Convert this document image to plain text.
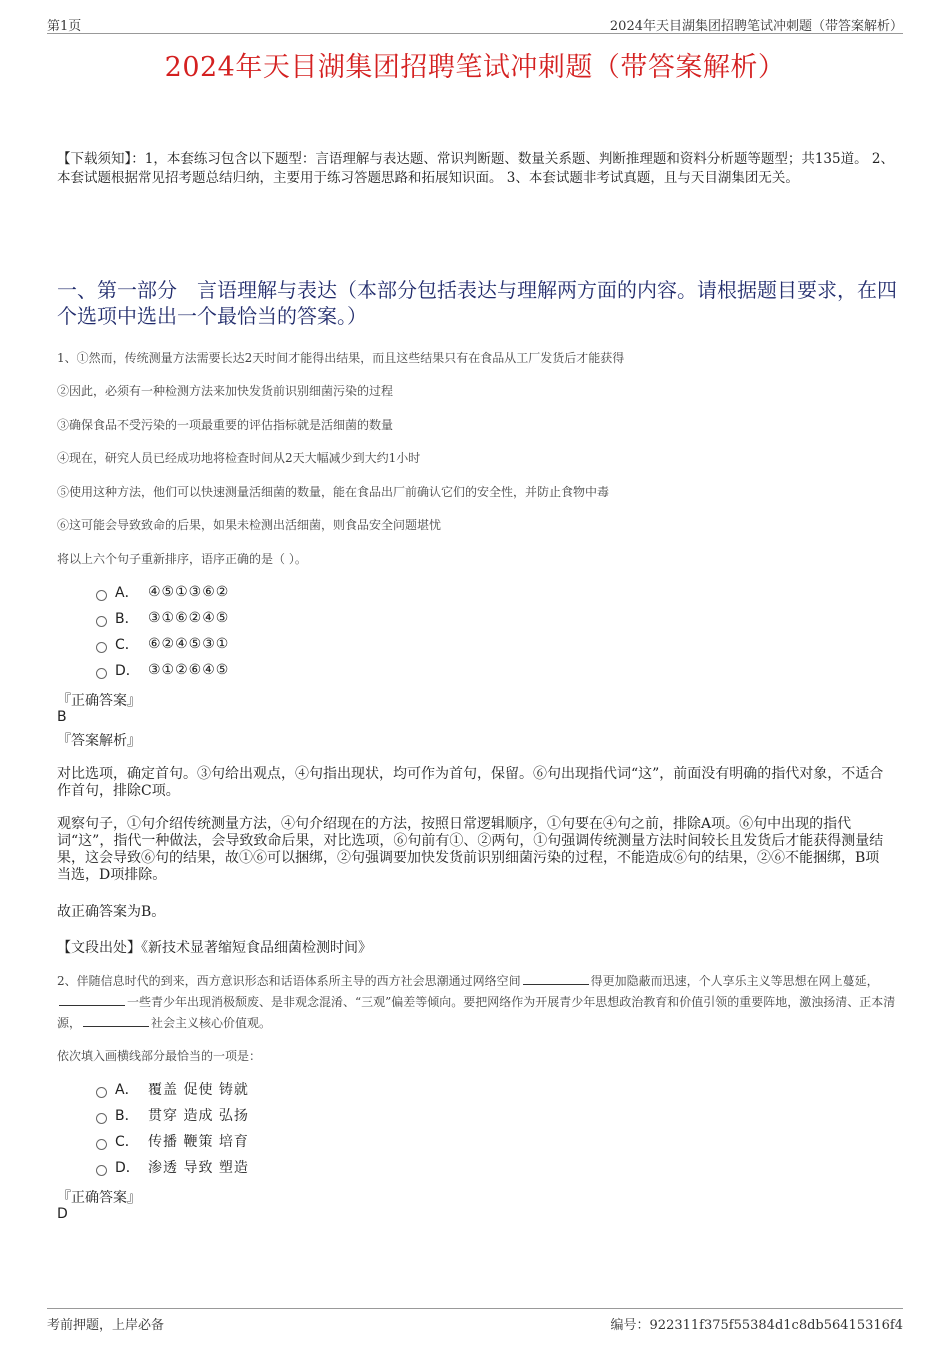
第1页	2024年天目湖集团招聘笔试冲刺题（带答案解析）
2024年天目湖集团招聘笔试冲刺题（带答案解析）
【下载须知】：1，本套练习包含以下题型：言语理解与表达题、常识判断题、数量关系题、判断推理题和资料分析题等题型；共135道。 2、本套试题根据常见招考题总结归纳，主要用于练习答题思路和拓展知识面。 3、本套试题非考试真题，且与天目湖集团无关。
一、第一部分　言语理解与表达（本部分包括表达与理解两方面的内容。请根据题目要求，在四个选项中选出一个最恰当的答案。）
1、①然而，传统测量方法需要长达2天时间才能得出结果，而且这些结果只有在食品从工厂发货后才能获得
②因此，必须有一种检测方法来加快发货前识别细菌污染的过程
③确保食品不受污染的一项最重要的评估指标就是活细菌的数量
④现在，研究人员已经成功地将检查时间从2天大幅减少到大约1小时
⑤使用这种方法，他们可以快速测量活细菌的数量，能在食品出厂前确认它们的安全性，并防止食物中毒
⑥这可能会导致致命的后果，如果未检测出活细菌，则食品安全问题堪忧
将以上六个句子重新排序，语序正确的是（ ）。
A． ④⑤①③⑥②
B． ③①⑥②④⑤
C． ⑥②④⑤③①
D． ③①②⑥④⑤
『正确答案』
B
『答案解析』
对比选项，确定首句。③句给出观点，④句指出现状，均可作为首句，保留。⑥句出现指代词“这”，前面没有明确的指代对象，不适合作首句，排除C项。
观察句子，①句介绍传统测量方法，④句介绍现在的方法，按照日常逻辑顺序，①句要在④句之前，排除A项。⑥句中出现的指代词“这”，指代一种做法，会导致致命后果，对比选项，⑥句前有①、②两句，①句强调传统测量方法时间较长且发货后才能获得测量结果，这会导致⑥句的结果，故①⑥可以捆绑，②句强调要加快发货前识别细菌污染的过程，不能造成⑥句的结果，②⑥不能捆绑，B项当选，D项排除。
故正确答案为B。
【文段出处】《新技术显著缩短食品细菌检测时间》
2、伴随信息时代的到来，西方意识形态和话语体系所主导的西方社会思潮通过网络空间	得更加隐蔽而迅速，个人享乐主义等思想在网上蔓延，一些青少年出现消极颓废、是非观念混淆、“三观”偏差等倾向。要把网络作为开展青少年思想政治教育和价值引领的重要阵地，激浊扬清、正本清源，	社会主义核心价值观。
依次填入画横线部分最恰当的一项是：
A． 覆盖 促使 铸就
B． 贯穿 造成 弘扬
C． 传播 鞭策 培育
D． 渗透 导致 塑造
『正确答案』
D
考前押题，上岸必备	编号：922311f375f55384d1c8db56415316f4
